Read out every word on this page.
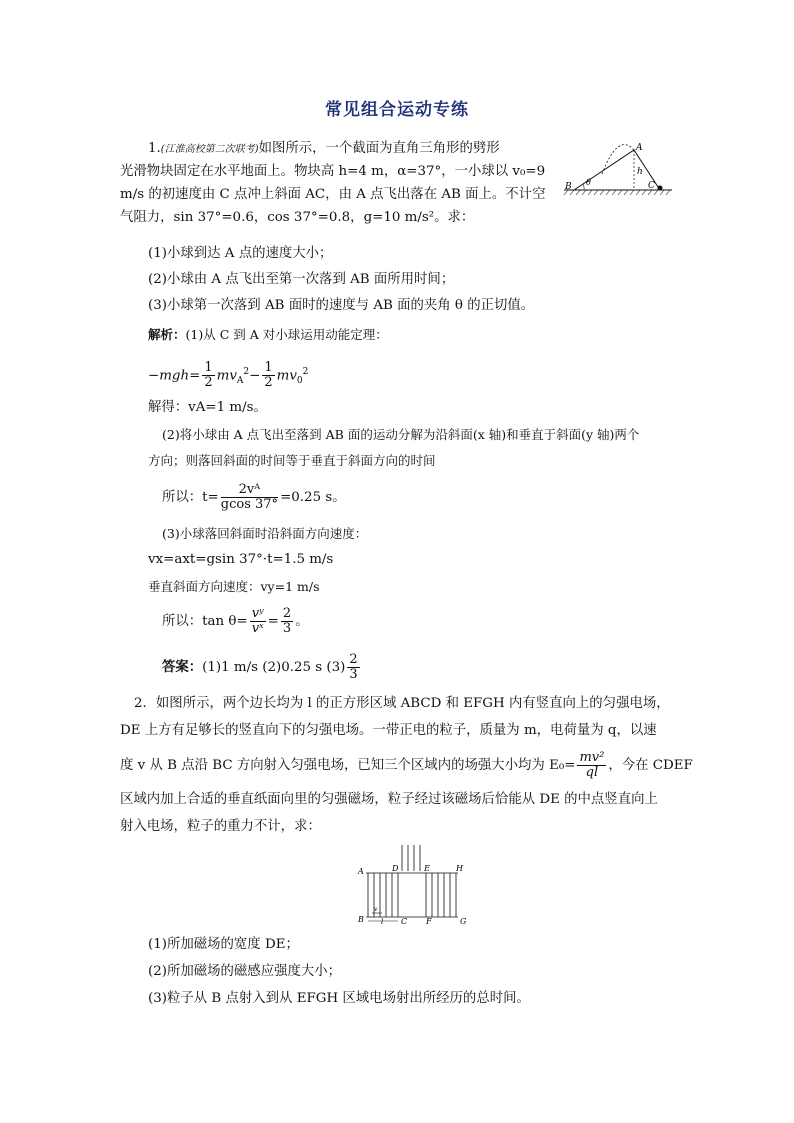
常见组合运动专练
1.(江淮高校第二次联考)如图所示，一个截面为直角三角形的劈形
光滑物块固定在水平地面上。物块高 h=4 m，α=37°，一小球以 v₀=9
m/s 的初速度由 C 点冲上斜面 AC，由 A 点飞出落在 AB 面上。不计空
气阻力，sin 37°=0.6，cos 37°=0.8，g=10 m/s²。求：
B θ
A
h
C
(1)小球到达 A 点的速度大小；
(2)小球由 A 点飞出至第一次落到 AB 面所用时间；
(3)小球第一次落到 AB 面时的速度与 AB 面的夹角 θ 的正切值。
解析：(1)从 C 到 A 对小球运用动能定理：
$-mgh= \frac{1}{2} mv_A^2- \frac{1}{2} mv_0^2$
解得：vA=1 m/s。
(2)将小球由 A 点飞出至落到 AB 面的运动分解为沿斜面(x 轴)和垂直于斜面(y 轴)两个
方向；则落回斜面的时间等于垂直于斜面方向的时间
所以：$t= \frac{\text{2vᴬ}}{gcos 37^\circ} =0.25$ s。
(3)小球落回斜面时沿斜面方向速度：
vx=axt=gsin 37°·t=1.5 m/s
垂直斜面方向速度：vy=1 m/s
所以：$\tan \theta= \frac{\text{vʸ}}{\text{vˣ}} = \frac{2}{3}$ 。
答案：(1)1 m/s (2)0.25 s $(3) \frac{2}{3}$
2．如图所示，两个边长均为 l 的正方形区域 ABCD 和 EFGH 内有竖直向上的匀强电场，
DE 上方有足够长的竖直向下的匀强电场。一带正电的粒子，质量为 m，电荷量为 q，以速
度 v 从 B 点沿 BC 方向射入匀强电场，已知三个区域内的场强大小均为 $E_0= \frac{\text{mv²}}{ql}$ ，今在 CDEF
区域内加上合适的垂直纸面向里的匀强磁场，粒子经过该磁场后恰能从 DE 的中点竖直向上
射入电场，粒子的重力不计，求：
v
A
B	C
D	E
F	G
H
l
(1)所加磁场的宽度 DE；
(2)所加磁场的磁感应强度大小；
(3)粒子从 B 点射入到从 EFGH 区域电场射出所经历的总时间。
